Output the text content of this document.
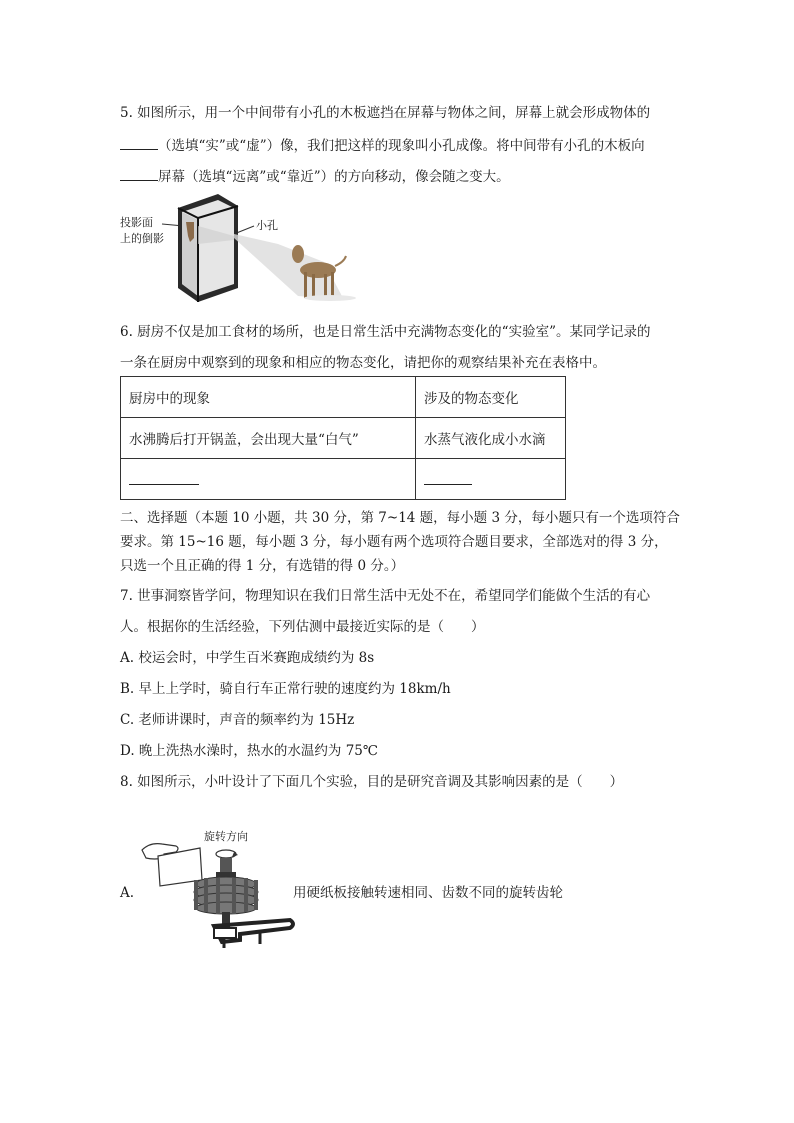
5. 如图所示，用一个中间带有小孔的木板遮挡在屏幕与物体之间，屏幕上就会形成物体的
（选填“实”或“虚”）像，我们把这样的现象叫小孔成像。将中间带有小孔的木板向
屏幕（选填“远离”或“靠近”）的方向移动，像会随之变大。
投影面
上的倒影
小孔
6. 厨房不仅是加工食材的场所，也是日常生活中充满物态变化的“实验室”。某同学记录的
一条在厨房中观察到的现象和相应的物态变化，请把你的观察结果补充在表格中。
厨房中的现象	涉及的物态变化
水沸腾后打开锅盖，会出现大量“白气”	水蒸气液化成小水滴

二、选择题（本题 10 小题，共 30 分，第 7~14 题，每小题 3 分，每小题只有一个选项符合
要求。第 15~16 题，每小题 3 分，每小题有两个选项符合题目要求，全部选对的得 3 分，
只选一个且正确的得 1 分，有选错的得 0 分。）
7. 世事洞察皆学问，物理知识在我们日常生活中无处不在，希望同学们能做个生活的有心
人。根据你的生活经验，下列估测中最接近实际的是（　　）
A. 校运会时，中学生百米赛跑成绩约为 8s
B. 早上上学时，骑自行车正常行驶的速度约为 18km/h
C. 老师讲课时，声音的频率约为 15Hz
D. 晚上洗热水澡时，热水的水温约为 75℃
8. 如图所示，小叶设计了下面几个实验，目的是研究音调及其影响因素的是（　　）
A.	用硬纸板接触转速相同、齿数不同的旋转齿轮
旋转方向
